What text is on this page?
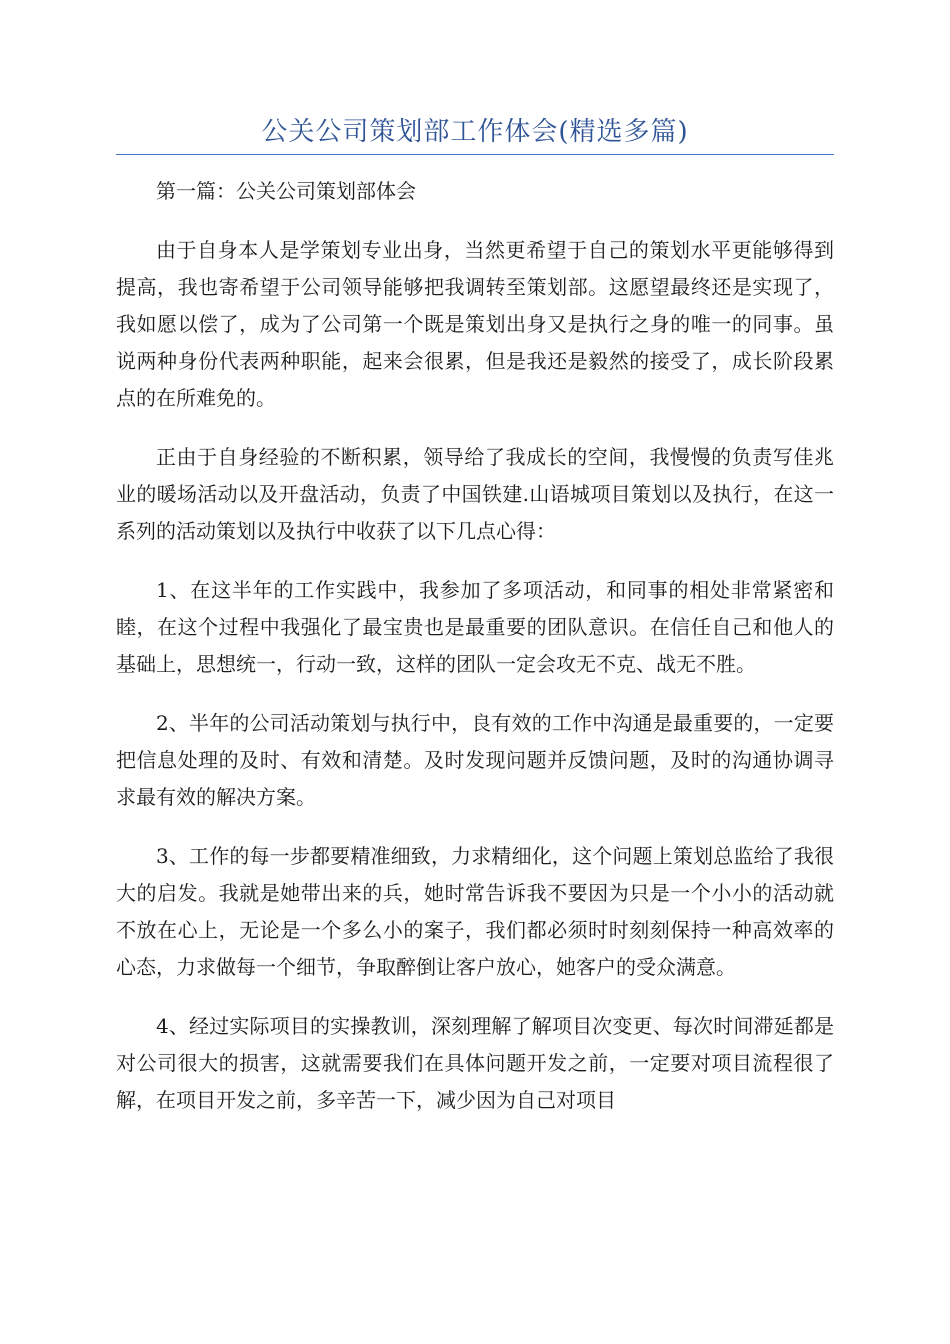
公关公司策划部工作体会(精选多篇)

第一篇：公关公司策划部体会

由于自身本人是学策划专业出身，当然更希望于自己的策划水平更能够得到提高，我也寄希望于公司领导能够把我调转至策划部。这愿望最终还是实现了，我如愿以偿了，成为了公司第一个既是策划出身又是执行之身的唯一的同事。虽说两种身份代表两种职能，起来会很累，但是我还是毅然的接受了，成长阶段累点的在所难免的。

正由于自身经验的不断积累，领导给了我成长的空间，我慢慢的负责写佳兆业的暖场活动以及开盘活动，负责了中国铁建.山语城项目策划以及执行，在这一系列的活动策划以及执行中收获了以下几点心得：

1、在这半年的工作实践中，我参加了多项活动，和同事的相处非常紧密和睦，在这个过程中我强化了最宝贵也是最重要的团队意识。在信任自己和他人的基础上，思想统一，行动一致，这样的团队一定会攻无不克、战无不胜。

2、半年的公司活动策划与执行中，良有效的工作中沟通是最重要的，一定要把信息处理的及时、有效和清楚。及时发现问题并反馈问题，及时的沟通协调寻求最有效的解决方案。

3、工作的每一步都要精准细致，力求精细化，这个问题上策划总监给了我很大的启发。我就是她带出来的兵，她时常告诉我不要因为只是一个小小的活动就不放在心上，无论是一个多么小的案子，我们都必须时时刻刻保持一种高效率的心态，力求做每一个细节，争取醉倒让客户放心，她客户的受众满意。

4、经过实际项目的实操教训，深刻理解了解项目次变更、每次时间滞延都是对公司很大的损害，这就需要我们在具体问题开发之前，一定要对项目流程很了解，在项目开发之前，多辛苦一下，减少因为自己对项目
